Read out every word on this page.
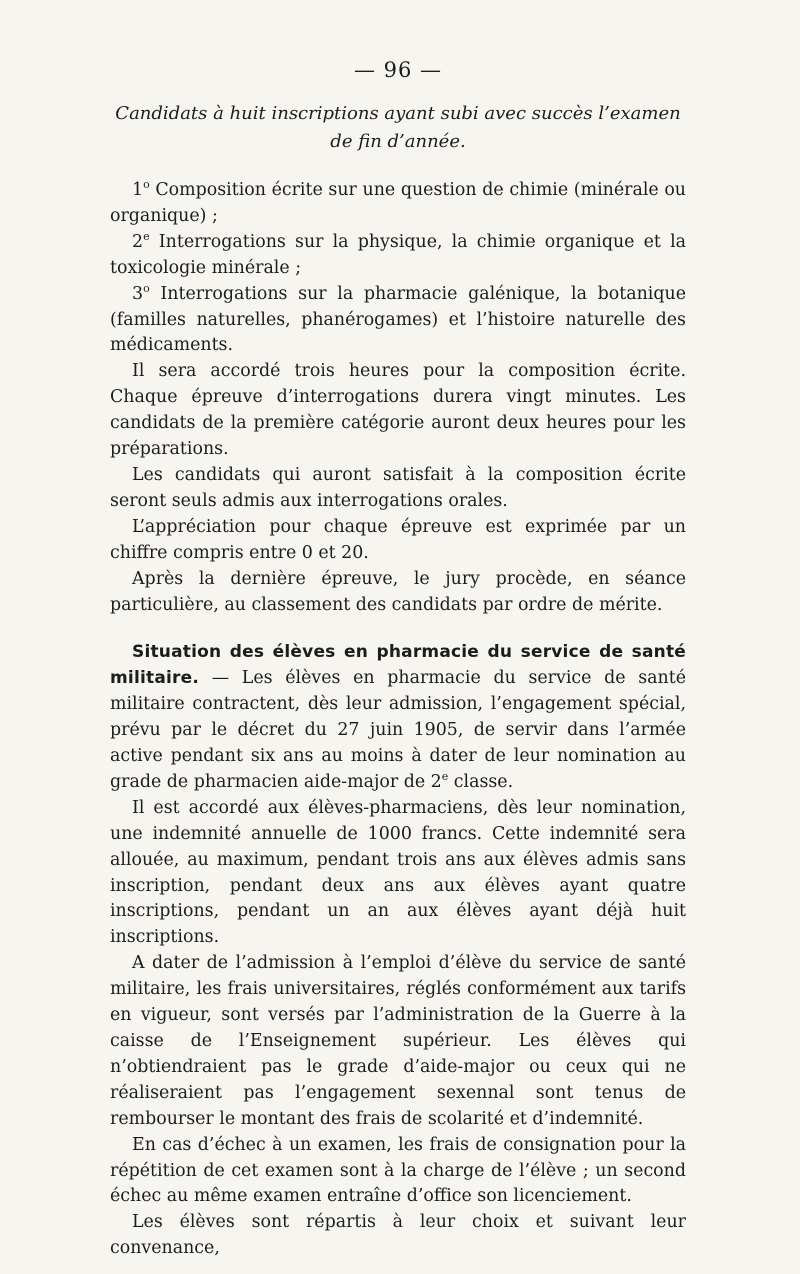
— 96 —
Candidats à huit inscriptions ayant subi avec succès l’examen de fin d’année.

1$^o$ Composition écrite sur une question de chimie (minérale ou organique) ;

2e Interrogations sur la physique, la chimie organique et la toxicologie minérale ;

3$^o$ Interrogations sur la pharmacie galénique, la botanique (familles naturelles, phanérogames) et l’histoire naturelle des médicaments.

Il sera accordé trois heures pour la composition écrite. Chaque épreuve d’interrogations durera vingt minutes. Les candidats de la première catégorie auront deux heures pour les préparations.

Les candidats qui auront satisfait à la composition écrite seront seuls admis aux interrogations orales.

L’appréciation pour chaque épreuve est exprimée par un chiffre compris entre 0 et 20.

Après la dernière épreuve, le jury procède, en séance particulière, au classement des candidats par ordre de mérite.

Situation des élèves en pharmacie du service de santé militaire. — Les élèves en pharmacie du service de santé militaire contractent, dès leur admission, l’engagement spécial, prévu par le décret du 27 juin 1905, de servir dans l’armée active pendant six ans au moins à dater de leur nomination au grade de pharmacien aide-major de 2e classe.

Il est accordé aux élèves-pharmaciens, dès leur nomination, une indemnité annuelle de 1000 francs. Cette indemnité sera allouée, au maximum, pendant trois ans aux élèves admis sans inscription, pendant deux ans aux élèves ayant quatre inscriptions, pendant un an aux élèves ayant déjà huit inscriptions.

A dater de l’admission à l’emploi d’élève du service de santé militaire, les frais universitaires, réglés conformément aux tarifs en vigueur, sont versés par l’administration de la Guerre à la caisse de l’Enseignement supérieur. Les élèves qui n’obtiendraient pas le grade d’aide-major ou ceux qui ne réaliseraient pas l’engagement sexennal sont tenus de rembourser le montant des frais de scolarité et d’indemnité.

En cas d’échec à un examen, les frais de consignation pour la répétition de cet examen sont à la charge de l’élève ; un second échec au même examen entraîne d’office son licenciement.

Les élèves sont répartis à leur choix et suivant leur convenance,
